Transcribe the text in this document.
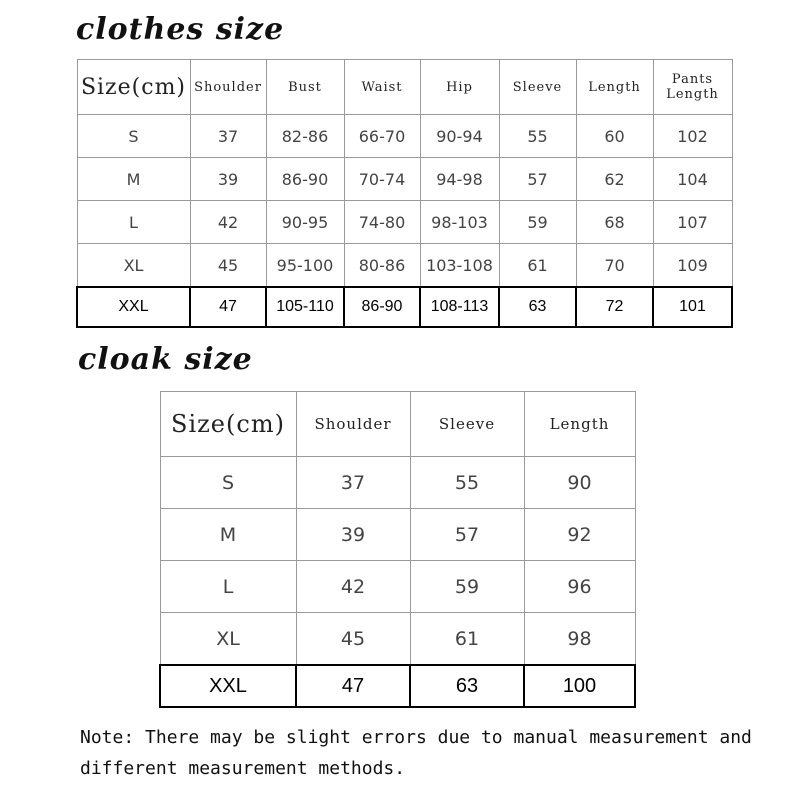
clothes size
Size(cm)	Shoulder	Bust	Waist	Hip	Sleeve	Length	Pants Length
S	37	82-86	66-70	90-94	55	60	102
M	39	86-90	70-74	94-98	57	62	104
L	42	90-95	74-80	98-103	59	68	107
XL	45	95-100	80-86	103-108	61	70	109
XXL	47	105-110	86-90	108-113	63	72	101
cloak size
Size(cm)	Shoulder	Sleeve	Length
S	37	55	90
M	39	57	92
L	42	59	96
XL	45	61	98
XXL	47	63	100
Note: There may be slight errors due to manual measurement and
different measurement methods.
